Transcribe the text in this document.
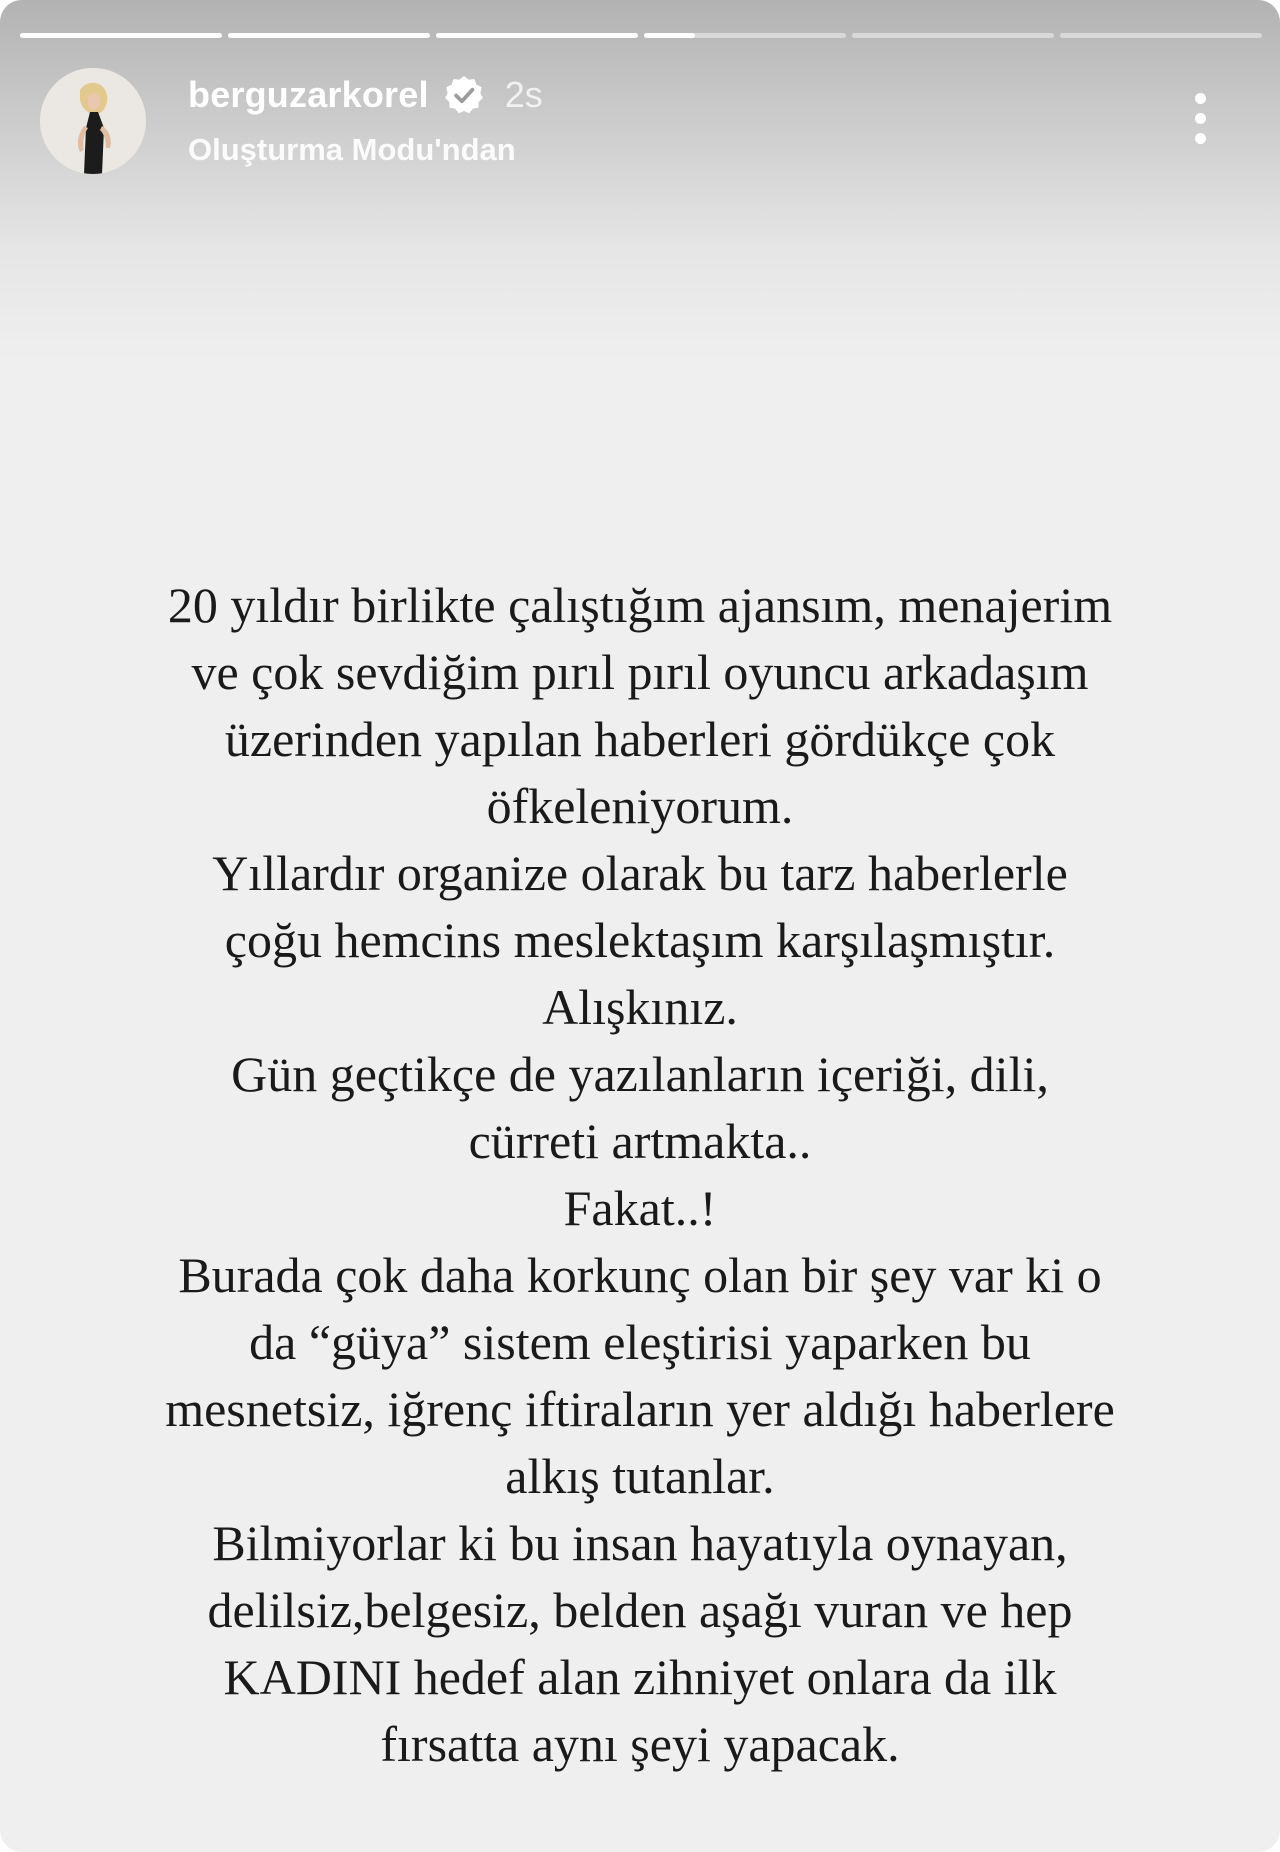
berguzarkorel 2s
Oluşturma Modu'ndan
20 yıldır birlikte çalıştığım ajansım, menajerim
ve çok sevdiğim pırıl pırıl oyuncu arkadaşım
üzerinden yapılan haberleri gördükçe çok
öfkeleniyorum.
Yıllardır organize olarak bu tarz haberlerle
çoğu hemcins meslektaşım karşılaşmıştır.
Alışkınız.
Gün geçtikçe de yazılanların içeriği, dili,
cürreti artmakta..
Fakat..!
Burada çok daha korkunç olan bir şey var ki o
da “güya” sistem eleştirisi yaparken bu
mesnetsiz, iğrenç iftiraların yer aldığı haberlere
alkış tutanlar.
Bilmiyorlar ki bu insan hayatıyla oynayan,
delilsiz,belgesiz, belden aşağı vuran ve hep
KADINI hedef alan zihniyet onlara da ilk
fırsatta aynı şeyi yapacak.
